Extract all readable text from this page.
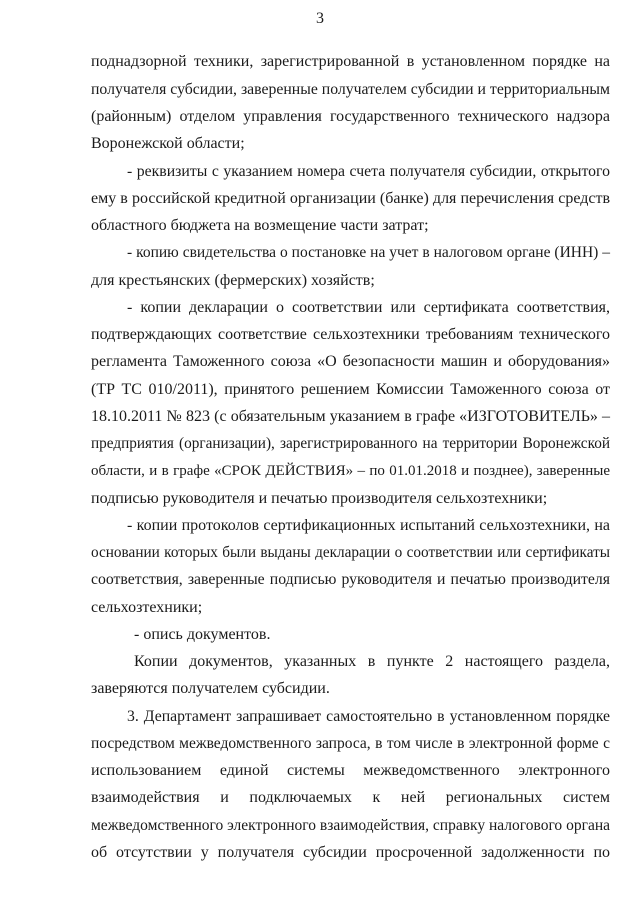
3
поднадзорной техники, зарегистрированной в установленном порядке на
получателя субсидии, заверенные получателем субсидии и территориальным
(районным) отделом управления государственного технического надзора
Воронежской области;
- реквизиты с указанием номера счета получателя субсидии, открытого
ему в российской кредитной организации (банке) для перечисления средств
областного бюджета на возмещение части затрат;
- копию свидетельства о постановке на учет в налоговом органе (ИНН) –
для крестьянских (фермерских) хозяйств;
- копии декларации о соответствии или сертификата соответствия,
подтверждающих соответствие сельхозтехники требованиям технического
регламента Таможенного союза «О безопасности машин и оборудования»
(ТР ТС 010/2011), принятого решением Комиссии Таможенного союза от
18.10.2011 № 823 (с обязательным указанием в графе «ИЗГОТОВИТЕЛЬ» –
предприятия (организации), зарегистрированного на территории Воронежской
области, и в графе «СРОК ДЕЙСТВИЯ» – по 01.01.2018 и позднее), заверенные
подписью руководителя и печатью производителя сельхозтехники;
- копии протоколов сертификационных испытаний сельхозтехники, на
основании которых были выданы декларации о соответствии или сертификаты
соответствия, заверенные подписью руководителя и печатью производителя
сельхозтехники;
- опись документов.
Копии документов, указанных в пункте 2 настоящего раздела,
заверяются получателем субсидии.
3. Департамент запрашивает самостоятельно в установленном порядке
посредством межведомственного запроса, в том числе в электронной форме с
использованием единой системы межведомственного электронного
взаимодействия и подключаемых к ней региональных систем
межведомственного электронного взаимодействия, справку налогового органа
об отсутствии у получателя субсидии просроченной задолженности по
